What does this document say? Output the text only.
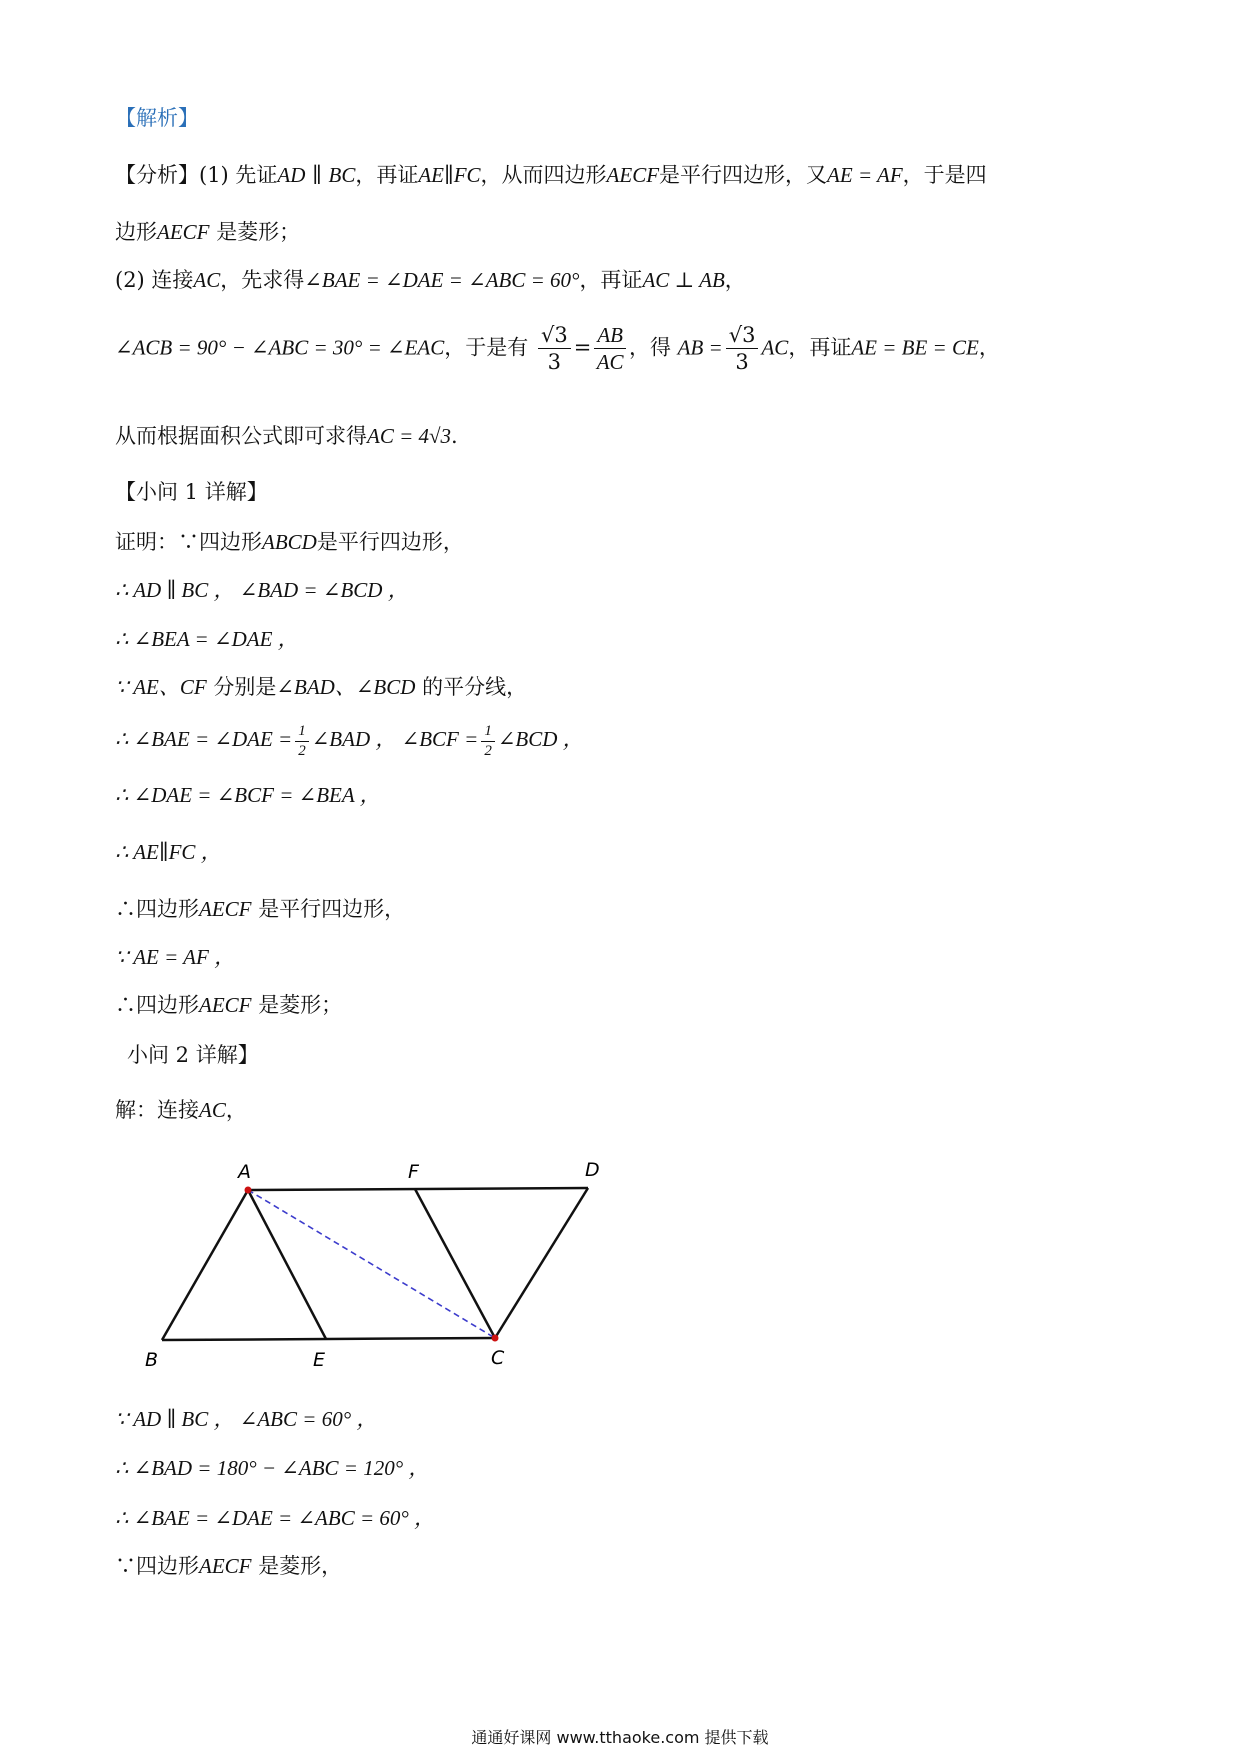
【解析】
【分析】(1) 先证AD ∥ BC，再证AE∥FC，从而四边形AECF是平行四边形，又AE = AF，于是四
边形AECF 是菱形；
(2) 连接AC，先求得∠BAE = ∠DAE = ∠ABC = 60°，再证AC ⊥ AB，
∠ACB = 90° − ∠ABC = 30° = ∠EAC，于是有 $\frac{√3}{3} = \frac{AB}{AC}$ ，得 AB = $\frac{√3}{3}$ AC，再证AE = BE = CE，
从而根据面积公式即可求得AC = 4√3.
【小问 1 详解】
证明：∵四边形ABCD是平行四边形，
∴ AD ∥ BC ， ∠BAD = ∠BCD ，
∴ ∠BEA = ∠DAE ，
∵ AE、CF 分别是∠BAD、∠BCD 的平分线，
∴ ∠BAE = ∠DAE = $\frac{1}{2}$ ∠BAD ， ∠BCF = $\frac{1}{2}$ ∠BCD ，
∴ ∠DAE = ∠BCF = ∠BEA ，
∴ AE∥FC ，
∴四边形AECF 是平行四边形，
∵ AE = AF ，
∴四边形AECF 是菱形；
小问 2 详解】
解：连接AC，
A	F	D
B	E	C
∵ AD ∥ BC ， ∠ABC = 60° ，
∴ ∠BAD = 180° − ∠ABC = 120° ，
∴ ∠BAE = ∠DAE = ∠ABC = 60° ，
∵四边形AECF 是菱形，
通通好课网 www.tthaoke.com 提供下载
